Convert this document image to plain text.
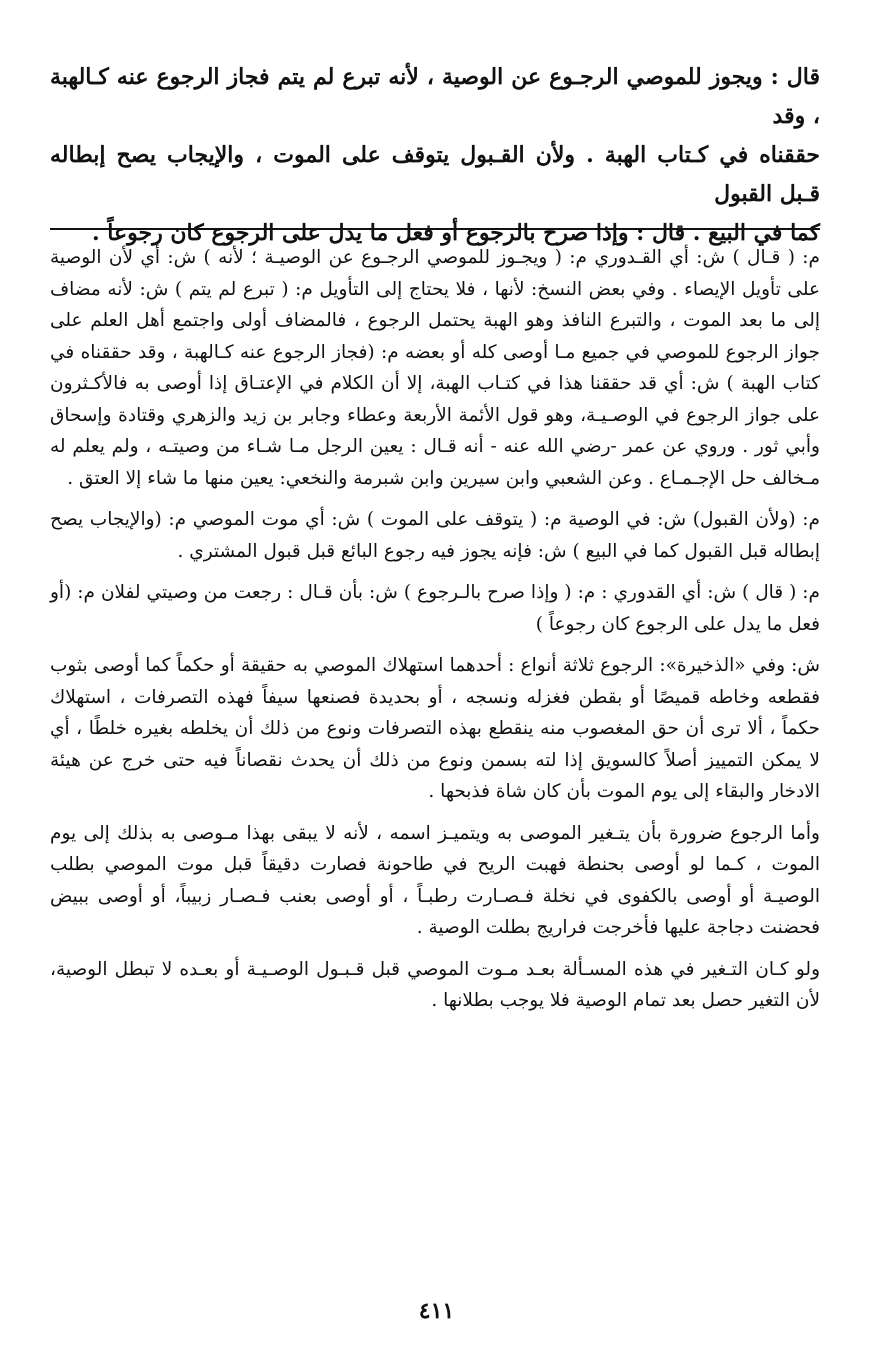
قال : ويجوز للموصي الرجـوع عن الوصية ، لأنه تبرع لم يتم فجاز الرجوع عنه كـالهبة ، وقد
حققناه في كـتاب الهبة . ولأن القـبول يتوقف على الموت ، والإيجاب يصح إبطاله قـبل القبول
كما في البيع . قال : وإذا صرح بالرجوع أو فعل ما يدل على الرجوع كان رجوعاً .

م: ( قـال ) ش: أي القـدوري م: ( ويجـوز للموصي الرجـوع عن الوصيـة ؛ لأنه ) ش: أي لأن الوصية على تأويل الإيصاء . وفي بعض النسخ: لأنها ، فلا يحتاج إلى التأويل م: ( تبرع لم يتم ) ش: لأنه مضاف إلى ما بعد الموت ، والتبرع النافذ وهو الهبة يحتمل الرجوع ، فالمضاف أولى واجتمع أهل العلم على جواز الرجوع للموصي في جميع مـا أوصى كله أو بعضه م: (فجاز الرجوع عنه كـالهبة ، وقد حققناه في كتاب الهبة ) ش: أي قد حققنا هذا في كتـاب الهبة، إلا أن الكلام في الإعتـاق إذا أوصى به فالأكـثرون على جواز الرجوع في الوصـيـة، وهو قول الأئمة الأربعة وعطاء وجابر بن زيد والزهري وقتادة وإسحاق وأبي ثور . وروي عن عمر -رضي الله عنه - أنه قـال : يعين الرجل مـا شـاء من وصيتـه ، ولم يعلم له مـخالف حل الإجـمـاع . وعن الشعبي وابن سيرين وابن شبرمة والنخعي: يعين منها ما شاء إلا العتق .

م: (ولأن القبول) ش: في الوصية م: ( يتوقف على الموت ) ش: أي موت الموصي م: (والإيجاب يصح إبطاله قبل القبول كما في البيع ) ش: فإنه يجوز فيه رجوع البائع قبل قبول المشتري .

م: ( قال ) ش: أي القدوري : م: ( وإذا صرح بالـرجوع ) ش: بأن قـال : رجعت من وصيتي لفلان م: (أو فعل ما يدل على الرجوع كان رجوعاً )

ش: وفي «الذخيرة»: الرجوع ثلاثة أنواع : أحدهما استهلاك الموصي به حقيقة أو حكماً كما أوصى بثوب فقطعه وخاطه قميصًا أو بقطن فغزله ونسجه ، أو بحديدة فصنعها سيفاً فهذه التصرفات ، استهلاك حكماً ، ألا ترى أن حق المغصوب منه ينقطع بهذه التصرفات ونوع من ذلك أن يخلطه بغيره خلطًا ، أي لا يمكن التمييز أصلاً كالسويق إذا لته بسمن ونوع من ذلك أن يحدث نقصاناً فيه حتى خرج عن هيئة الادخار والبقاء إلى يوم الموت بأن كان شاة فذبحها .

وأما الرجوع ضرورة بأن يتـغير الموصى به ويتميـز اسمه ، لأنه لا يبقى بهذا مـوصى به بذلك إلى يوم الموت ، كـما لو أوصى بحنطة فهبت الريح في طاحونة فصارت دقيقاً قبل موت الموصي بطلب الوصيـة أو أوصى بالكفوى في نخلة فـصـارت رطبـاً ، أو أوصى بعنب فـصـار زبيباً، أو أوصى ببيض فحضنت دجاجة عليها فأخرجت فراريج بطلت الوصية .

ولو كـان التـغير في هذه المسـألة بعـد مـوت الموصي قبل قـبـول الوصـيـة أو بعـده لا تبطل الوصية، لأن التغير حصل بعد تمام الوصية فلا يوجب بطلانها .

٤١١
